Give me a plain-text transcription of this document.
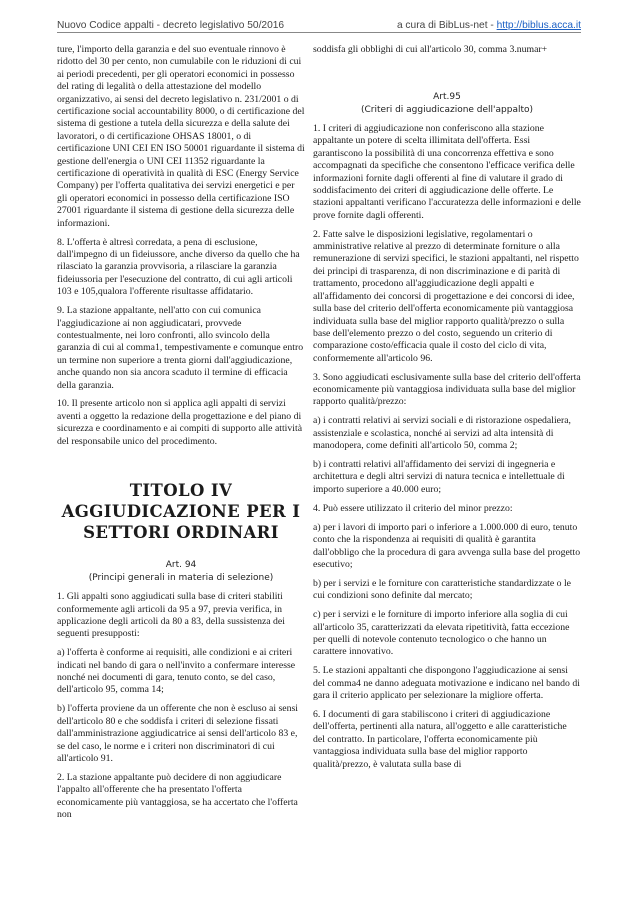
Nuovo Codice appalti - decreto legislativo 50/2016	a cura di BibLus-net - http://biblus.acca.it

ture, l'importo della garanzia e del suo eventuale rinnovo è ridotto del 30 per cento, non cumulabile con le riduzioni di cui ai periodi precedenti, per gli operatori economici in possesso del rating di legalità o della attestazione del modello organizzativo, ai sensi del decreto legislativo n. 231/2001 o di certificazione social accountability 8000, o di certificazione del sistema di gestione a tutela della sicurezza e della salute dei lavoratori, o di certificazione OHSAS 18001, o di certificazione UNI CEI EN ISO 50001 riguardante il sistema di gestione dell'energia o UNI CEI 11352 riguardante la certificazione di operatività in qualità di ESC (Energy Service Company) per l'offerta qualitativa dei servizi energetici e per gli operatori economici in possesso della certificazione ISO 27001 riguardante il sistema di gestione della sicurezza delle informazioni.

8. L'offerta è altresì corredata, a pena di esclusione, dall'impegno di un fideiussore, anche diverso da quello che ha rilasciato la garanzia provvisoria, a rilasciare la garanzia fideiussoria per l'esecuzione del contratto, di cui agli articoli 103 e 105,qualora l'offerente risultasse affidatario.

9. La stazione appaltante, nell'atto con cui comunica l'aggiudicazione ai non aggiudicatari, provvede contestualmente, nei loro confronti, allo svincolo della garanzia di cui al comma1, tempestivamente e comunque entro un termine non superiore a trenta giorni dall'aggiudicazione, anche quando non sia ancora scaduto il termine di efficacia della garanzia.

10. Il presente articolo non si applica agli appalti di servizi aventi a oggetto la redazione della progettazione e del piano di sicurezza e coordinamento e ai compiti di supporto alle attività del responsabile unico del procedimento.

TITOLO IV AGGIUDICAZIONE PER I SETTORI ORDINARI
Art. 94
(Principi generali in materia di selezione)

1. Gli appalti sono aggiudicati sulla base di criteri stabiliti conformemente agli articoli da 95 a 97, previa verifica, in applicazione degli articoli da 80 a 83, della sussistenza dei seguenti presupposti:

a) l'offerta è conforme ai requisiti, alle condizioni e ai criteri indicati nel bando di gara o nell'invito a confermare interesse nonché nei documenti di gara, tenuto conto, se del caso, dell'articolo 95, comma 14;

b) l'offerta proviene da un offerente che non è escluso ai sensi dell'articolo 80 e che soddisfa i criteri di selezione fissati dall'amministrazione aggiudicatrice ai sensi dell'articolo 83 e, se del caso, le norme e i criteri non discriminatori di cui all'articolo 91.

2. La stazione appaltante può decidere di non aggiudicare l'appalto all'offerente che ha presentato l'offerta economicamente più vantaggiosa, se ha accertato che l'offerta non

soddisfa gli obblighi di cui all'articolo 30, comma 3.numar+

Art.95
(Criteri di aggiudicazione dell'appalto)

1. I criteri di aggiudicazione non conferiscono alla stazione appaltante un potere di scelta illimitata dell'offerta. Essi garantiscono la possibilità di una concorrenza effettiva e sono accompagnati da specifiche che consentono l'efficace verifica delle informazioni fornite dagli offerenti al fine di valutare il grado di soddisfacimento dei criteri di aggiudicazione delle offerte. Le stazioni appaltanti verificano l'accuratezza delle informazioni e delle prove fornite dagli offerenti.

2. Fatte salve le disposizioni legislative, regolamentari o amministrative relative al prezzo di determinate forniture o alla remunerazione di servizi specifici, le stazioni appaltanti, nel rispetto dei principi di trasparenza, di non discriminazione e di parità di trattamento, procedono all'aggiudicazione degli appalti e all'affidamento dei concorsi di progettazione e dei concorsi di idee, sulla base del criterio dell'offerta economicamente più vantaggiosa individuata sulla base del miglior rapporto qualità/prezzo o sulla base dell'elemento prezzo o del costo, seguendo un criterio di comparazione costo/efficacia quale il costo del ciclo di vita, conformemente all'articolo 96.

3. Sono aggiudicati esclusivamente sulla base del criterio dell'offerta economicamente più vantaggiosa individuata sulla base del miglior rapporto qualità/prezzo:

a) i contratti relativi ai servizi sociali e di ristorazione ospedaliera, assistenziale e scolastica, nonché ai servizi ad alta intensità di manodopera, come definiti all'articolo 50, comma 2;

b) i contratti relativi all'affidamento dei servizi di ingegneria e architettura e degli altri servizi di natura tecnica e intellettuale di importo superiore a 40.000 euro;

4. Può essere utilizzato il criterio del minor prezzo:

a) per i lavori di importo pari o inferiore a 1.000.000 di euro, tenuto conto che la rispondenza ai requisiti di qualità è garantita dall'obbligo che la procedura di gara avvenga sulla base del progetto esecutivo;

b) per i servizi e le forniture con caratteristiche standardizzate o le cui condizioni sono definite dal mercato;

c) per i servizi e le forniture di importo inferiore alla soglia di cui all'articolo 35, caratterizzati da elevata ripetitività, fatta eccezione per quelli di notevole contenuto tecnologico o che hanno un carattere innovativo.

5. Le stazioni appaltanti che dispongono l'aggiudicazione ai sensi del comma4 ne danno adeguata motivazione e indicano nel bando di gara il criterio applicato per selezionare la migliore offerta.

6. I documenti di gara stabiliscono i criteri di aggiudicazione dell'offerta, pertinenti alla natura, all'oggetto e alle caratteristiche del contratto. In particolare, l'offerta economicamente più vantaggiosa individuata sulla base del miglior rapporto qualità/prezzo, è valutata sulla base di
